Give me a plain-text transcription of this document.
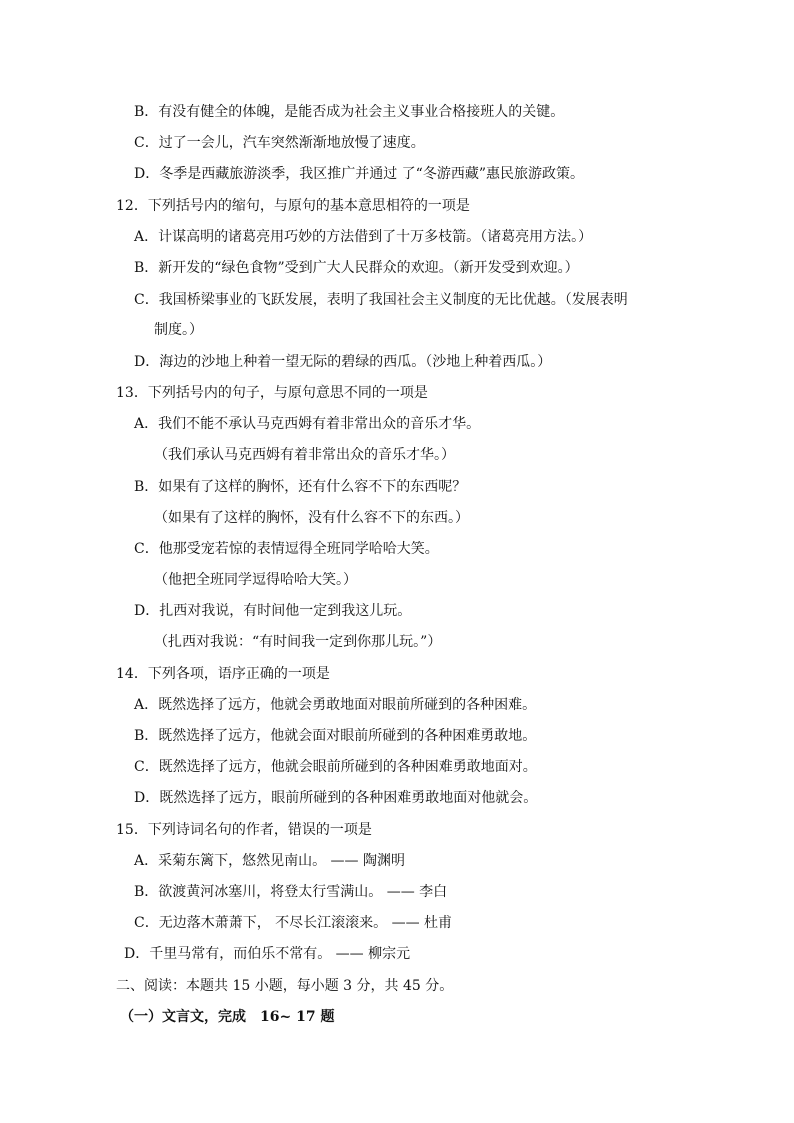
B．有没有健全的体魄，是能否成为社会主义事业合格接班人的关键。
C．过了一会儿，汽车突然渐渐地放慢了速度。
D．冬季是西藏旅游淡季，我区推广并通过 了“冬游西藏”惠民旅游政策。
12．下列括号内的缩句，与原句的基本意思相符的一项是
A．计谋高明的诸葛亮用巧妙的方法借到了十万多枝箭。（诸葛亮用方法。）
B．新开发的“绿色食物”受到广大人民群众的欢迎。（新开发受到欢迎。）
C．我国桥梁事业的飞跃发展，表明了我国社会主义制度的无比优越。（发展表明
制度。）
D．海边的沙地上种着一望无际的碧绿的西瓜。（沙地上种着西瓜。）
13．下列括号内的句子，与原句意思不同的一项是
A．我们不能不承认马克西姆有着非常出众的音乐才华。
（我们承认马克西姆有着非常出众的音乐才华。）
B．如果有了这样的胸怀，还有什么容不下的东西呢？
（如果有了这样的胸怀，没有什么容不下的东西。）
C．他那受宠若惊的表情逗得全班同学哈哈大笑。
（他把全班同学逗得哈哈大笑。）
D．扎西对我说，有时间他一定到我这儿玩。
（扎西对我说：“有时间我一定到你那儿玩。”）
14．下列各项，语序正确的一项是
A．既然选择了远方，他就会勇敢地面对眼前所碰到的各种困难。
B．既然选择了远方，他就会面对眼前所碰到的各种困难勇敢地。
C．既然选择了远方，他就会眼前所碰到的各种困难勇敢地面对。
D．既然选择了远方，眼前所碰到的各种困难勇敢地面对他就会。
15．下列诗词名句的作者，错误的一项是
A．采菊东篱下，悠然见南山。 —— 陶渊明
B．欲渡黄河冰塞川，将登太行雪满山。 —— 李白
C．无边落木萧萧下， 不尽长江滚滚来。 —— 杜甫
D．千里马常有，而伯乐不常有。 —— 柳宗元
二、阅读：本题共 15 小题，每小题 3 分，共 45 分。
（一）文言文，完成　16~ 17 题
